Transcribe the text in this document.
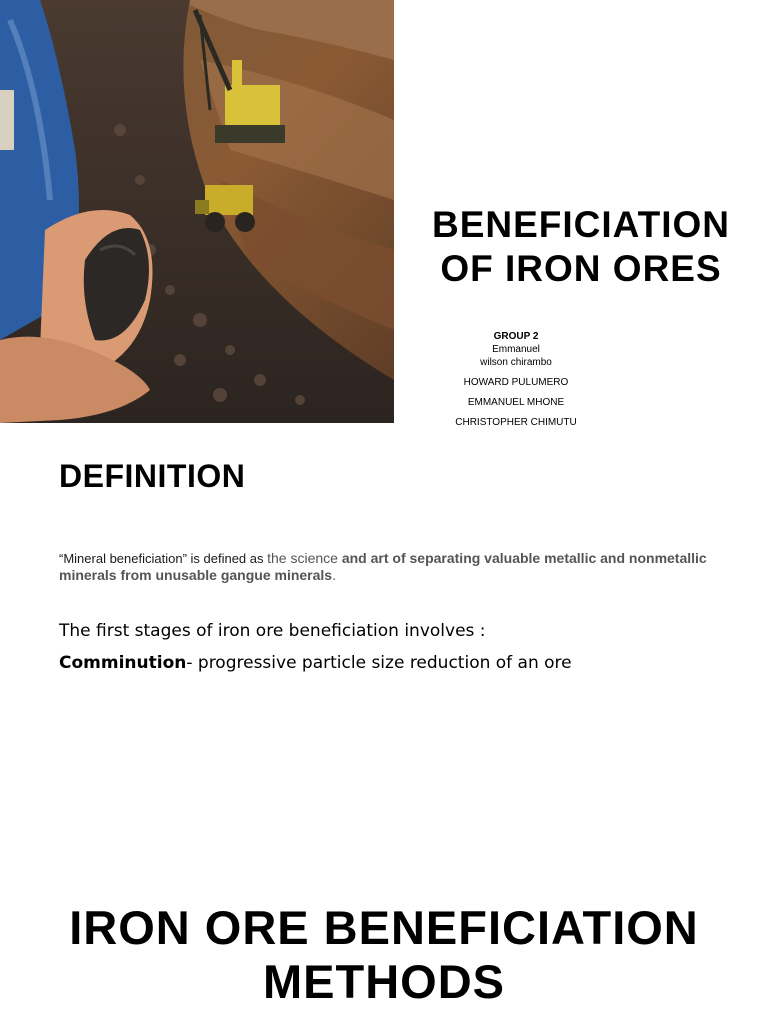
BENEFICIATION
OF IRON ORES
GROUP 2
Emmanuel
wilson chirambo
HOWARD PULUMERO
EMMANUEL MHONE
CHRISTOPHER CHIMUTU
DEFINITION
“Mineral beneficiation” is defined as the science and art of separating valuable metallic and nonmetallic minerals from unusable gangue minerals.
The first stages of iron ore beneficiation involves :
Comminution- progressive particle size reduction of an ore
IRON ORE BENEFICIATION
METHODS
